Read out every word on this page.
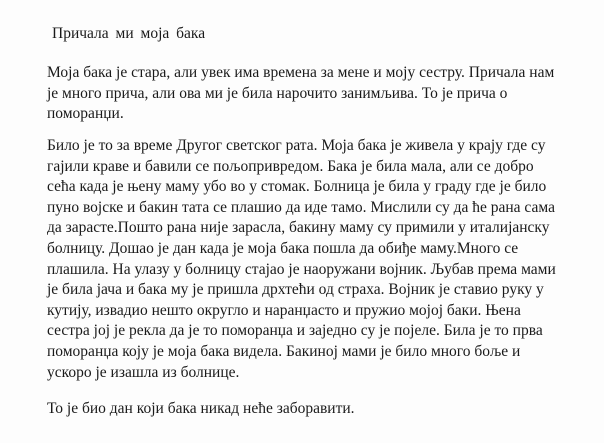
Причала ми моја бака
Моја бака је стара, али увек има времена за мене и моју сестру. Причала нам
је много прича, али ова ми је била нарочито занимљива. То је прича о
поморанџи.
Било је то за време Другог светског рата. Моја бака је живела у крају где су
гајили краве и бавили се пољопривредом. Бака је била мала, али се добро
сећа када је њену маму убо во у стомак. Болница је била у граду где је било
пуно војске и бакин тата се плашио да иде тамо. Мислили су да ће рана сама
да зарасте.Пошто рана није зарасла, бакину маму су примили у италијанску
болницу. Дошао је дан када је моја бака пошла да обиђе маму.Много се
плашила. На улазу у болницу стајао је наоружани војник. Љубав према мами
је била јача и бака му је пришла дрхтећи од страха. Војник је ставио руку у
кутију, извадио нешто округло и наранџасто и пружио мојој баки. Њена
сестра јој је рекла да је то поморанџа и заједно су је појеле. Била је то прва
поморанџа коју је моја бака видела. Бакиној мами је било много боље и
ускоро је изашла из болнице.
То је био дан који бака никад неће заборавити.
